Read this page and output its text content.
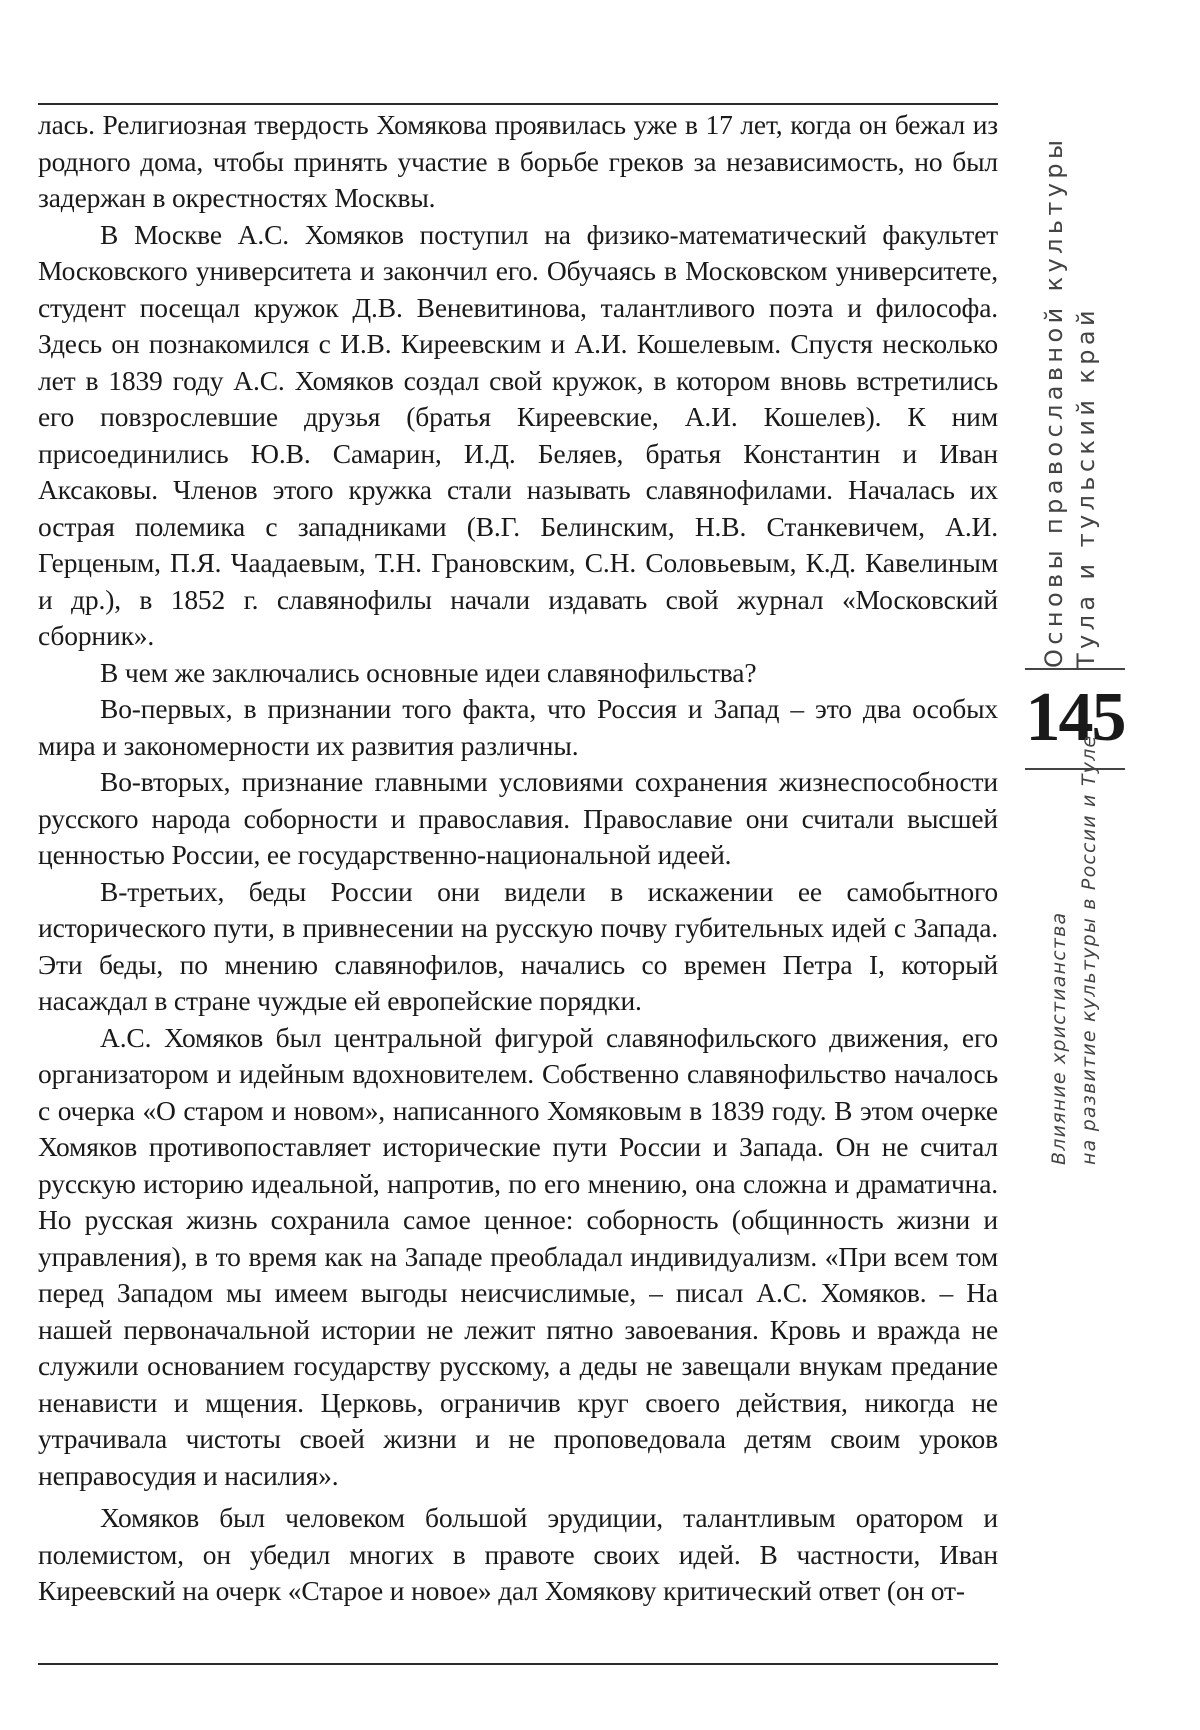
лась. Религиозная твердость Хомякова проявилась уже в 17 лет, когда он бежал из родного дома, чтобы принять участие в борьбе греков за независимость, но был задержан в окрестностях Москвы.

В Москве А.С. Хомяков поступил на физико-математический факультет Московского университета и закончил его. Обучаясь в Московском университете, студент посещал кружок Д.В. Веневитинова, талантливого поэта и философа. Здесь он познакомился с И.В. Киреевским и А.И. Кошелевым. Спустя несколько лет в 1839 году А.С. Хомяков создал свой кружок, в котором вновь встретились его повзрослевшие друзья (братья Киреевские, А.И. Кошелев). К ним присоединились Ю.В. Самарин, И.Д. Беляев, братья Константин и Иван Аксаковы. Членов этого кружка стали называть славянофилами. Началась их острая полемика с западниками (В.Г. Белинским, Н.В. Станкевичем, А.И. Герценым, П.Я. Чаадаевым, Т.Н. Грановским, С.Н. Соловьевым, К.Д. Кавелиным и др.), в 1852 г. славянофилы начали издавать свой журнал «Московский сборник».

В чем же заключались основные идеи славянофильства?

Во-первых, в признании того факта, что Россия и Запад – это два особых мира и закономерности их развития различны.

Во-вторых, признание главными условиями сохранения жизнеспособности русского народа соборности и православия. Православие они считали высшей ценностью России, ее государственно-национальной идеей.

В-третьих, беды России они видели в искажении ее самобытного исторического пути, в привнесении на русскую почву губительных идей с Запада. Эти беды, по мнению славянофилов, начались со времен Петра I, который насаждал в стране чуждые ей европейские порядки.

А.С. Хомяков был центральной фигурой славянофильского движения, его организатором и идейным вдохновителем. Собственно славянофильство началось с очерка «О старом и новом», написанного Хомяковым в 1839 году. В этом очерке Хомяков противопоставляет исторические пути России и Запада. Он не считал русскую историю идеальной, напротив, по его мнению, она сложна и драматична. Но русская жизнь сохранила самое ценное: соборность (общинность жизни и управления), в то время как на Западе преобладал индивидуализм. «При всем том перед Западом мы имеем выгоды неисчислимые, – писал А.С. Хомяков. – На нашей первоначальной истории не лежит пятно завоевания. Кровь и вражда не служили основанием государству русскому, а деды не завещали внукам предание ненависти и мщения. Церковь, ограничив круг своего действия, никогда не утрачивала чистоты своей жизни и не проповедовала детям своим уроков неправосудия и насилия».

Хомяков был человеком большой эрудиции, талантливым оратором и полемистом, он убедил многих в правоте своих идей. В частности, Иван Киреевский на очерк «Старое и новое» дал Хомякову критический ответ (он от-

Основы православной культуры Тула и тульский край
145
Влияние христианства на развитие культуры в России и Туле
